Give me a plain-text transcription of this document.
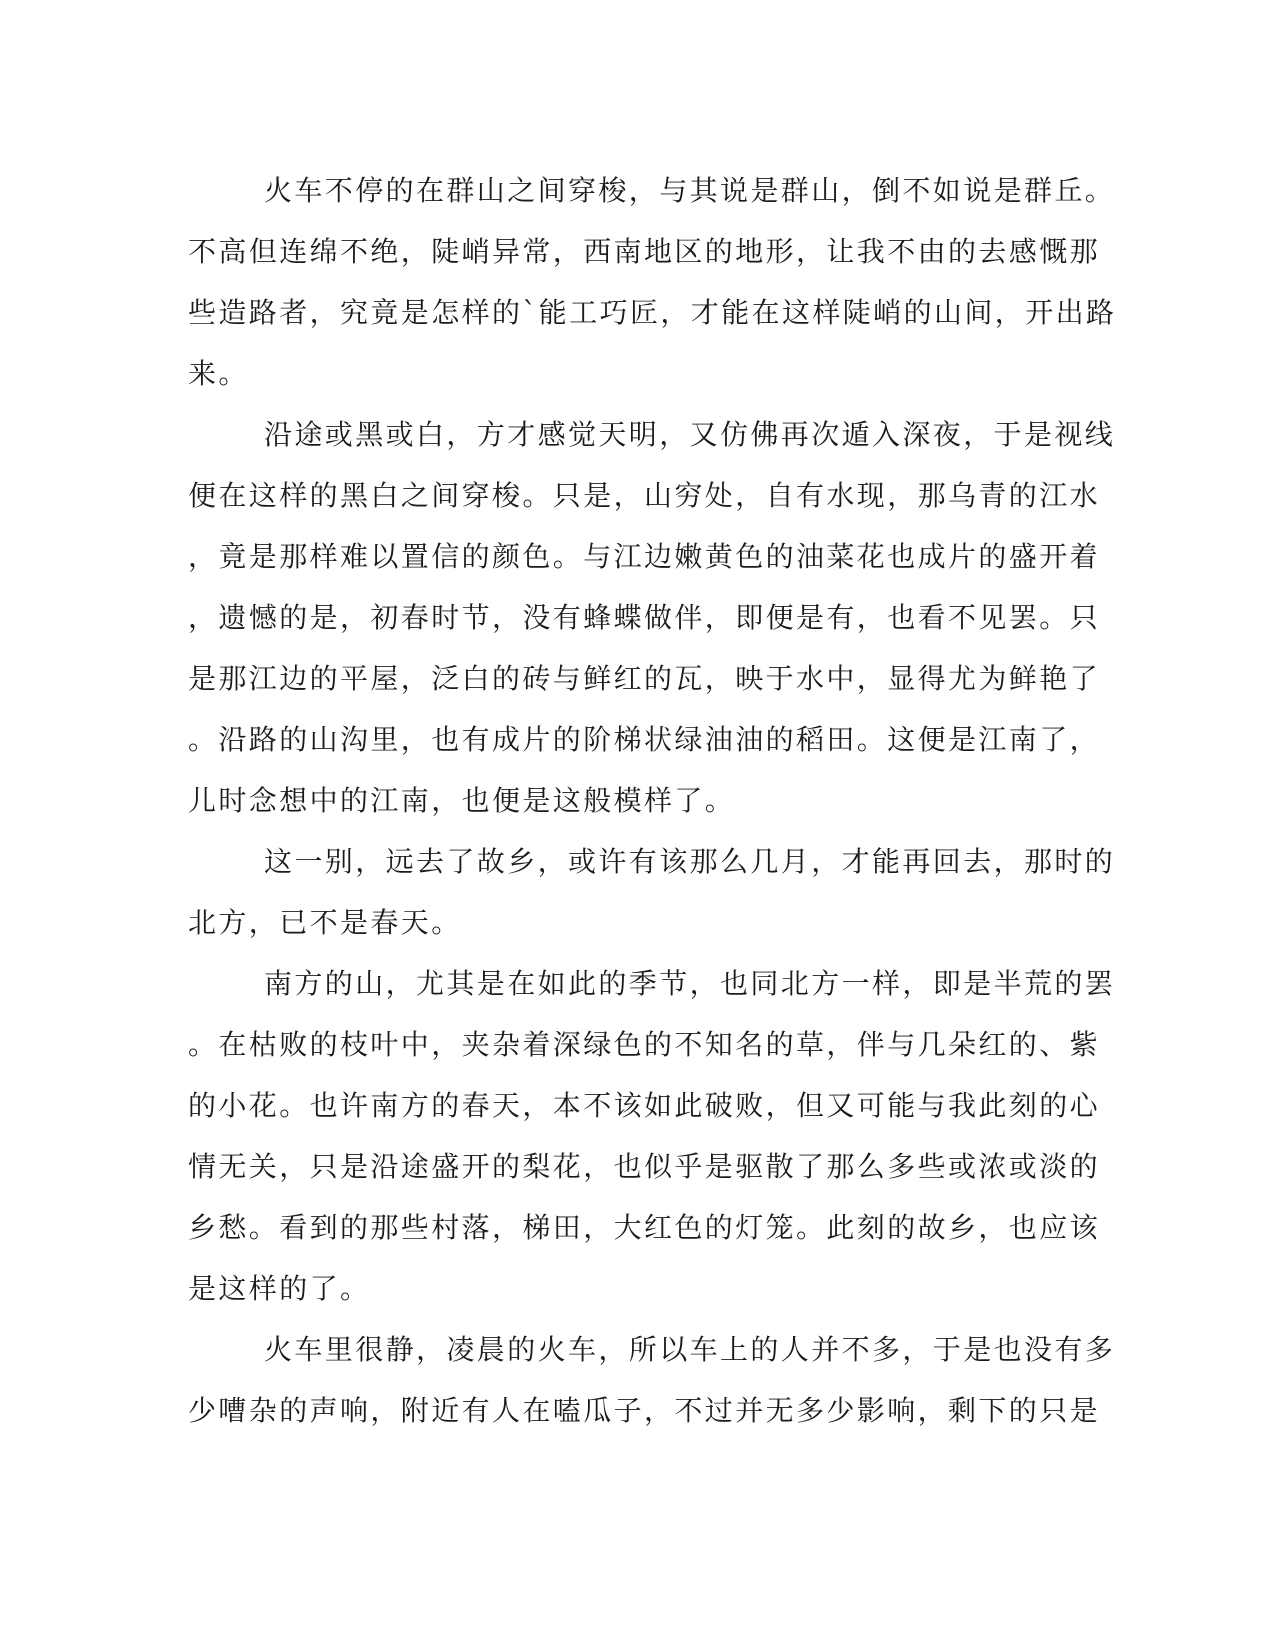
火车不停的在群山之间穿梭，与其说是群山，倒不如说是群丘。
不高但连绵不绝，陡峭异常，西南地区的地形，让我不由的去感慨那
些造路者，究竟是怎样的`能工巧匠，才能在这样陡峭的山间，开出路
来。
沿途或黑或白，方才感觉天明，又仿佛再次遁入深夜，于是视线
便在这样的黑白之间穿梭。只是，山穷处，自有水现，那乌青的江水
，竟是那样难以置信的颜色。与江边嫩黄色的油菜花也成片的盛开着
，遗憾的是，初春时节，没有蜂蝶做伴，即便是有，也看不见罢。只
是那江边的平屋，泛白的砖与鲜红的瓦，映于水中，显得尤为鲜艳了
。沿路的山沟里，也有成片的阶梯状绿油油的稻田。这便是江南了，
儿时念想中的江南，也便是这般模样了。
这一别，远去了故乡，或许有该那么几月，才能再回去，那时的
北方，已不是春天。
南方的山，尤其是在如此的季节，也同北方一样，即是半荒的罢
。在枯败的枝叶中，夹杂着深绿色的不知名的草，伴与几朵红的、紫
的小花。也许南方的春天，本不该如此破败，但又可能与我此刻的心
情无关，只是沿途盛开的梨花，也似乎是驱散了那么多些或浓或淡的
乡愁。看到的那些村落，梯田，大红色的灯笼。此刻的故乡，也应该
是这样的了。
火车里很静，凌晨的火车，所以车上的人并不多，于是也没有多
少嘈杂的声响，附近有人在嗑瓜子，不过并无多少影响，剩下的只是
